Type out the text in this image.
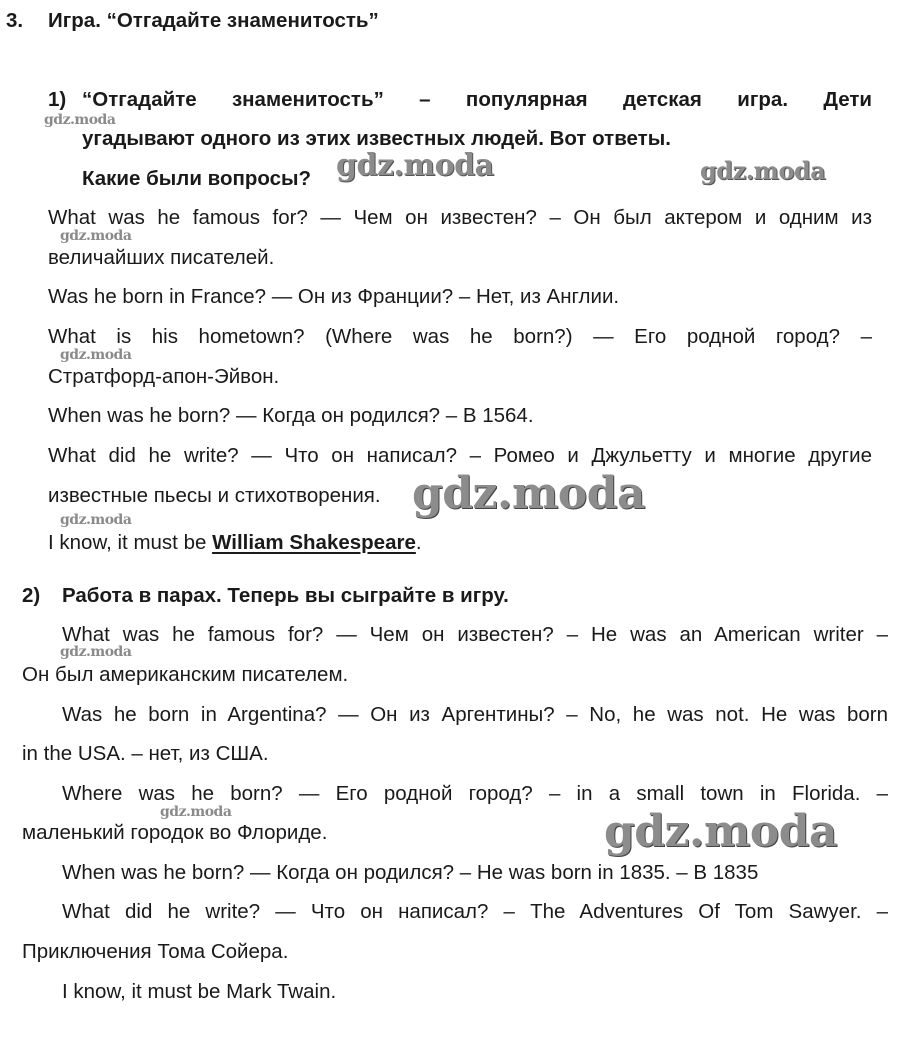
3. Игра. “Отгадайте знаменитость”
1) “Отгадайте знаменитость” – популярная детская игра. Дети
угадывают одного из этих известных людей. Вот ответы.
Какие были вопросы?
What was he famous for? — Чем он известен? – Он был актером и одним из
величайших писателей.
Was he born in France? — Он из Франции? – Нет, из Англии.
What is his hometown? (Where was he born?) — Его родной город? –
Стратфорд-апон-Эйвон.
When was he born? — Когда он родился? – В 1564.
What did he write? — Что он написал? – Ромео и Джульетту и многие другие
известные пьесы и стихотворения.
I know, it must be William Shakespeare.
2) Работа в парах. Теперь вы сыграйте в игру.
What was he famous for? — Чем он известен? – He was an American writer –
Он был американским писателем.
Was he born in Argentina? — Он из Аргентины? – No, he was not. He was born
in the USA. – нет, из США.
Where was he born? — Его родной город? – in a small town in Florida. –
маленький городок во Флориде.
When was he born? — Когда он родился? – He was born in 1835. – В 1835
What did he write? — Что он написал? – The Adventures Of Tom Sawyer. –
Приключения Тома Сойера.
I know, it must be Mark Twain.
gdz.moda
gdz.moda	gdz.moda
gdz.moda
gdz.moda
gdz.moda
gdz.moda
gdz.moda
gdz.moda	gdz.moda
